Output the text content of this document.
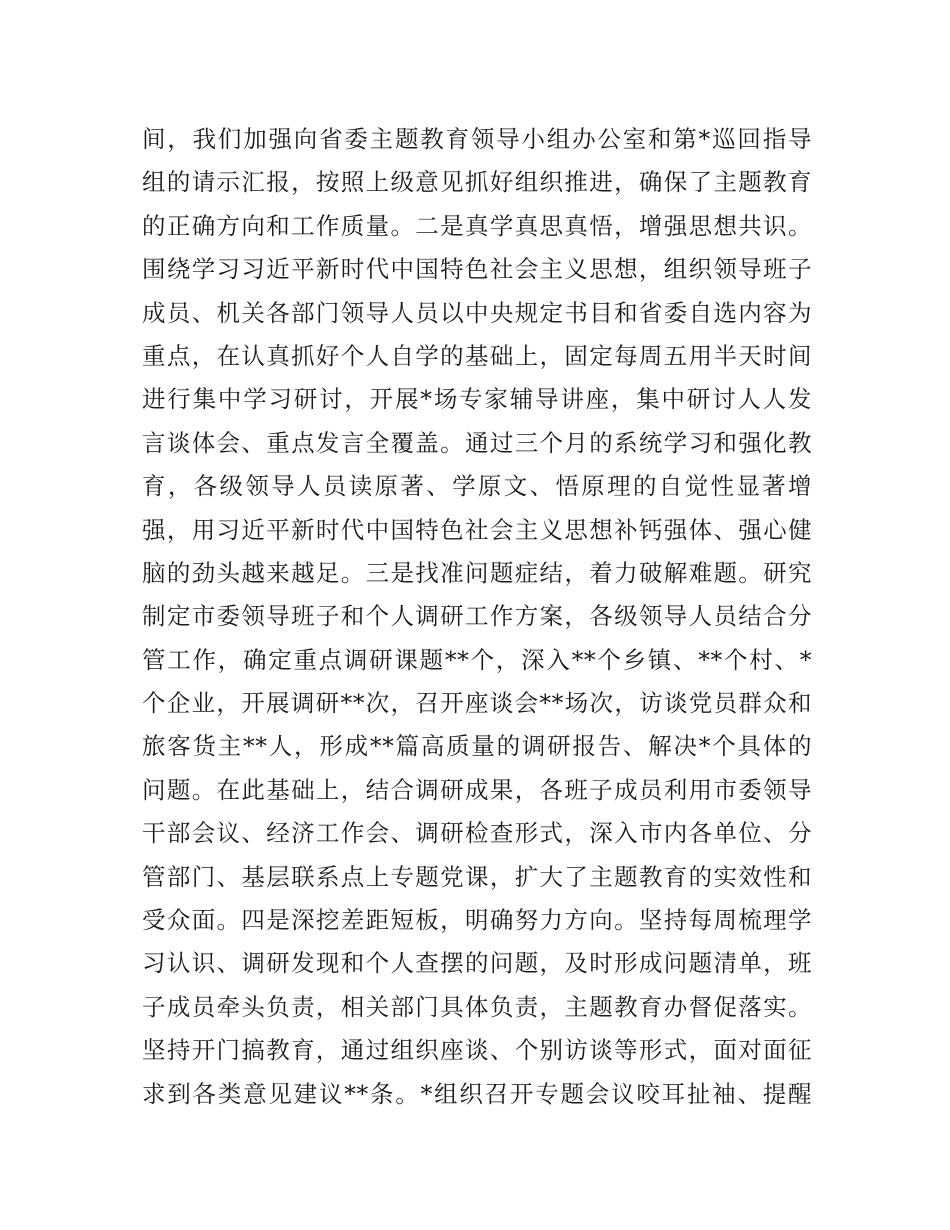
间，我们加强向省委主题教育领导小组办公室和第*巡回指导
组的请示汇报，按照上级意见抓好组织推进，确保了主题教育
的正确方向和工作质量。二是真学真思真悟，增强思想共识。
围绕学习习近平新时代中国特色社会主义思想，组织领导班子
成员、机关各部门领导人员以中央规定书目和省委自选内容为
重点，在认真抓好个人自学的基础上，固定每周五用半天时间
进行集中学习研讨，开展*场专家辅导讲座，集中研讨人人发
言谈体会、重点发言全覆盖。通过三个月的系统学习和强化教
育，各级领导人员读原著、学原文、悟原理的自觉性显著增
强，用习近平新时代中国特色社会主义思想补钙强体、强心健
脑的劲头越来越足。三是找准问题症结，着力破解难题。研究
制定市委领导班子和个人调研工作方案，各级领导人员结合分
管工作，确定重点调研课题**个，深入**个乡镇、**个村、*
个企业，开展调研**次，召开座谈会**场次，访谈党员群众和
旅客货主**人，形成**篇高质量的调研报告、解决*个具体的
问题。在此基础上，结合调研成果，各班子成员利用市委领导
干部会议、经济工作会、调研检查形式，深入市内各单位、分
管部门、基层联系点上专题党课，扩大了主题教育的实效性和
受众面。四是深挖差距短板，明确努力方向。坚持每周梳理学
习认识、调研发现和个人查摆的问题，及时形成问题清单，班
子成员牵头负责，相关部门具体负责，主题教育办督促落实。
坚持开门搞教育，通过组织座谈、个别访谈等形式，面对面征
求到各类意见建议**条。*组织召开专题会议咬耳扯袖、提醒
